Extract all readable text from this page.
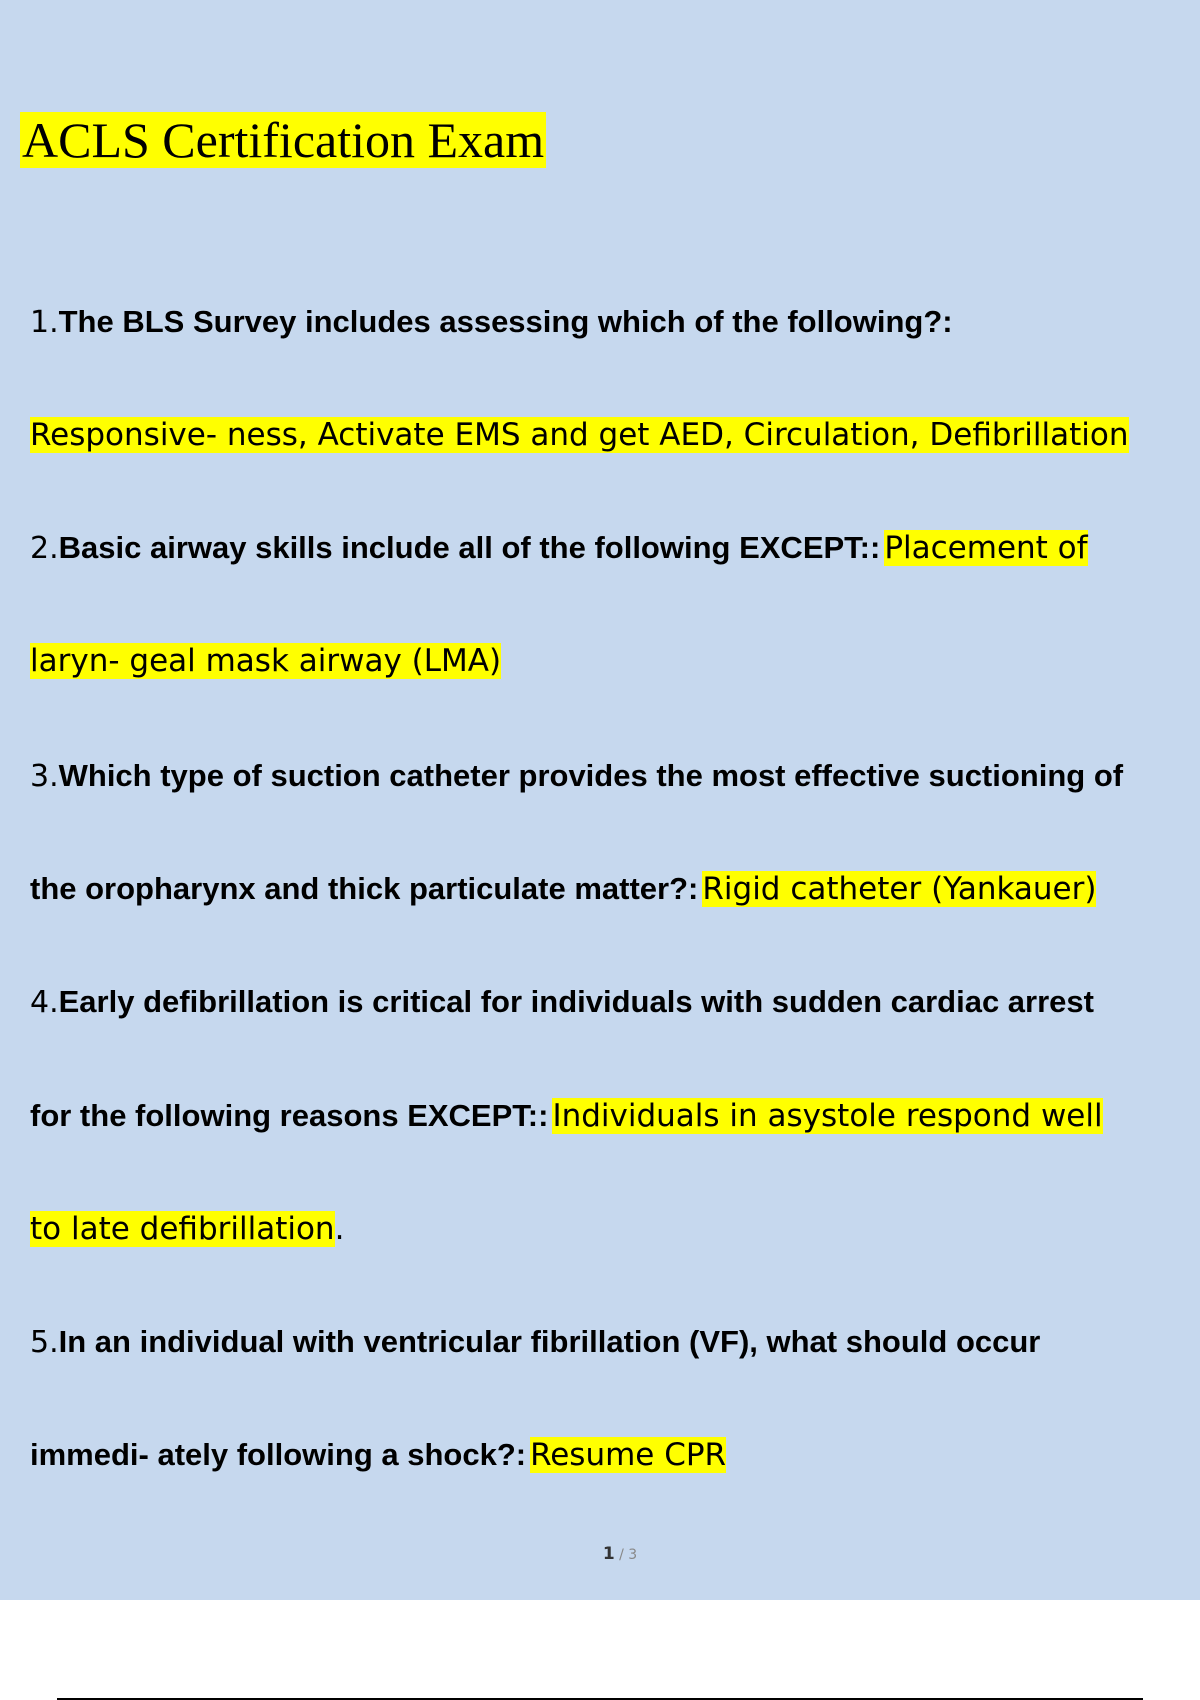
ACLS Certification Exam
1.The BLS Survey includes assessing which of the following?:
Responsive- ness, Activate EMS and get AED, Circulation, Defibrillation
2.Basic airway skills include all of the following EXCEPT:: Placement of
laryn- geal mask airway (LMA)
3.Which type of suction catheter provides the most effective suctioning of
the oropharynx and thick particulate matter?: Rigid catheter (Yankauer)
4.Early defibrillation is critical for individuals with sudden cardiac arrest
for the following reasons EXCEPT:: Individuals in asystole respond well
to late defibrillation.
5.In an individual with ventricular fibrillation (VF), what should occur
immedi- ately following a shock?: Resume CPR
1 / 3
